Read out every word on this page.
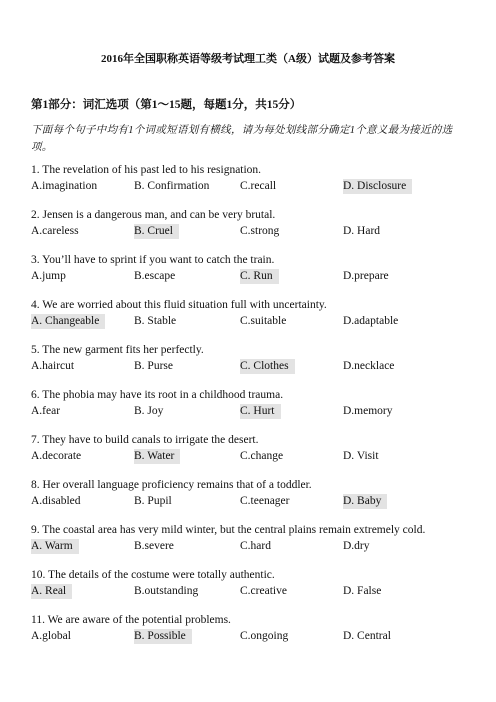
2016年全国职称英语等级考试理工类（A级）试题及参考答案
第1部分：词汇选项（第1～15题，每题1分，共15分）
下面每个句子中均有1个词或短语划有横线，请为每处划线部分确定1个意义最为接近的选项。
1. The revelation of his past led to his resignation.
A.imagination	B. Confirmation	C.recall	D. Disclosure
2. Jensen is a dangerous man, and can be very brutal.
A.careless	B. Cruel	C.strong	D. Hard
3. You’ll have to sprint if you want to catch the train.
A.jump	B.escape	C. Run	D.prepare
4. We are worried about this fluid situation full with uncertainty.
A. Changeable	B. Stable	C.suitable	D.adaptable
5. The new garment fits her perfectly.
A.haircut	B. Purse	C. Clothes	D.necklace
6. The phobia may have its root in a childhood trauma.
A.fear	B. Joy	C. Hurt	D.memory
7. They have to build canals to irrigate the desert.
A.decorate	B. Water	C.change	D. Visit
8. Her overall language proficiency remains that of a toddler.
A.disabled	B. Pupil	C.teenager	D. Baby
9. The coastal area has very mild winter, but the central plains remain extremely cold.
A. Warm	B.severe	C.hard	D.dry
10. The details of the costume were totally authentic.
A. Real	B.outstanding	C.creative	D. False
11. We are aware of the potential problems.
A.global	B. Possible	C.ongoing	D. Central
